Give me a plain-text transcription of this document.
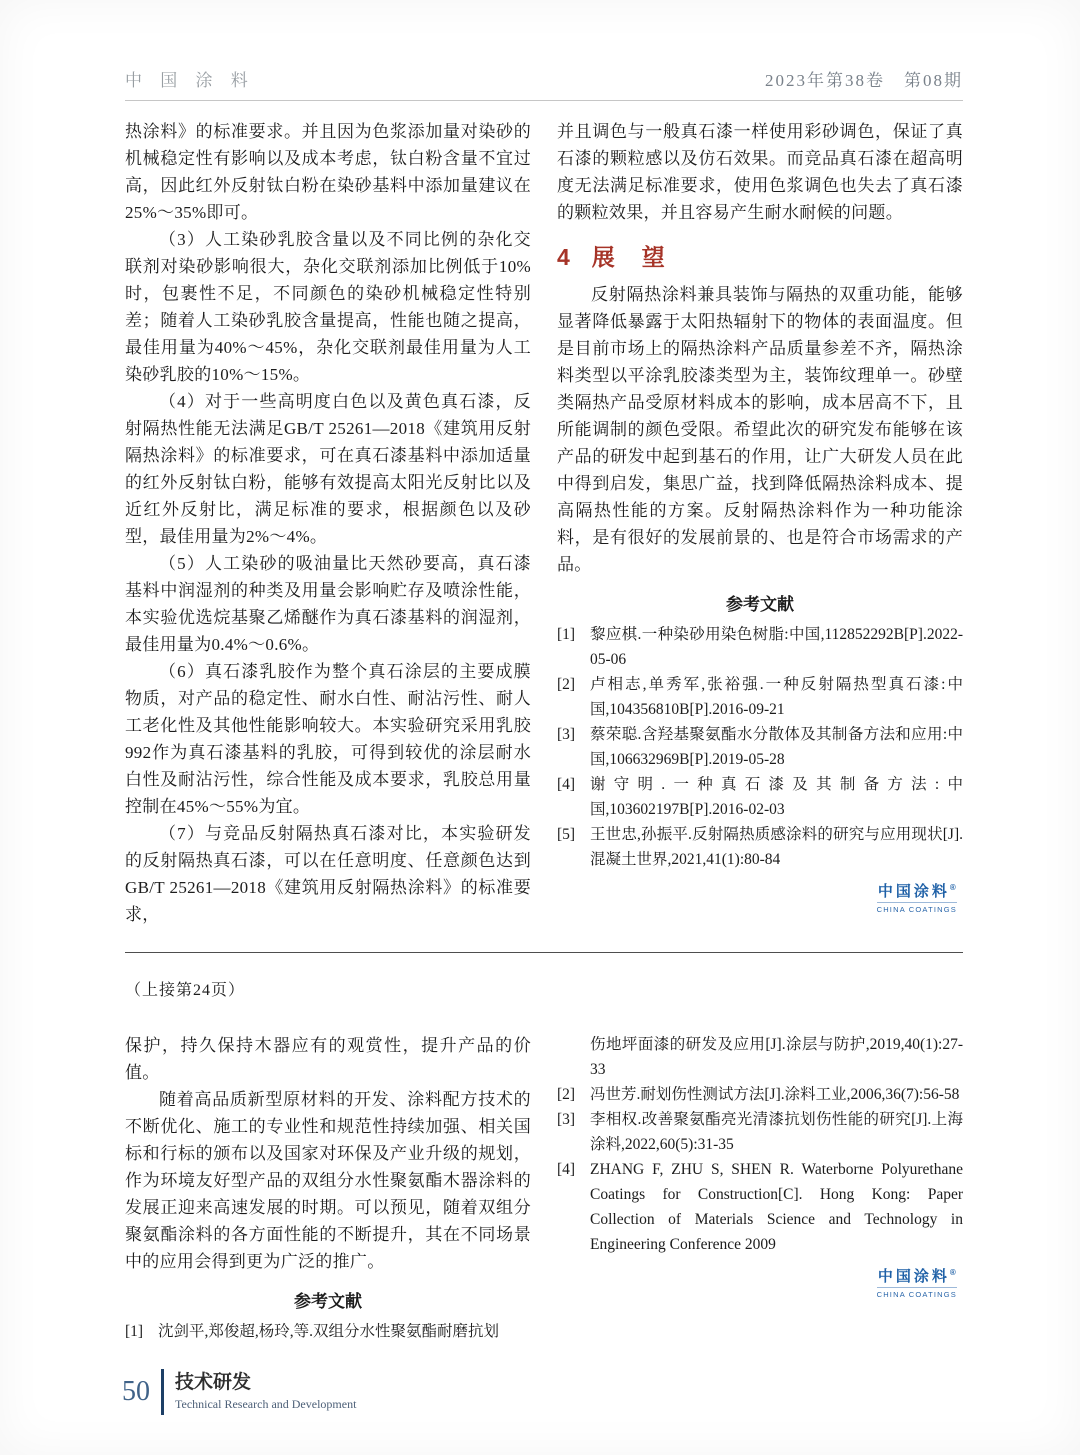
中 国 涂 料	2023年第38卷　第08期

热涂料》的标准要求。并且因为色浆添加量对染砂的机械稳定性有影响以及成本考虑，钛白粉含量不宜过高，因此红外反射钛白粉在染砂基料中添加量建议在25%～35%即可。

（3）人工染砂乳胶含量以及不同比例的杂化交联剂对染砂影响很大，杂化交联剂添加比例低于10%时，包裹性不足，不同颜色的染砂机械稳定性特别差；随着人工染砂乳胶含量提高，性能也随之提高，最佳用量为40%～45%，杂化交联剂最佳用量为人工染砂乳胶的10%～15%。

（4）对于一些高明度白色以及黄色真石漆，反射隔热性能无法满足GB/T 25261—2018《建筑用反射隔热涂料》的标准要求，可在真石漆基料中添加适量的红外反射钛白粉，能够有效提高太阳光反射比以及近红外反射比，满足标准的要求，根据颜色以及砂型，最佳用量为2%～4%。

（5）人工染砂的吸油量比天然砂要高，真石漆基料中润湿剂的种类及用量会影响贮存及喷涂性能，本实验优选烷基聚乙烯醚作为真石漆基料的润湿剂，最佳用量为0.4%～0.6%。

（6）真石漆乳胶作为整个真石涂层的主要成膜物质，对产品的稳定性、耐水白性、耐沾污性、耐人工老化性及其他性能影响较大。本实验研究采用乳胶992作为真石漆基料的乳胶，可得到较优的涂层耐水白性及耐沾污性，综合性能及成本要求，乳胶总用量控制在45%～55%为宜。

（7）与竞品反射隔热真石漆对比，本实验研发的反射隔热真石漆，可以在任意明度、任意颜色达到GB/T 25261—2018《建筑用反射隔热涂料》的标准要求，

并且调色与一般真石漆一样使用彩砂调色，保证了真石漆的颗粒感以及仿石效果。而竞品真石漆在超高明度无法满足标准要求，使用色浆调色也失去了真石漆的颗粒效果，并且容易产生耐水耐候的问题。

4 展　望

反射隔热涂料兼具装饰与隔热的双重功能，能够显著降低暴露于太阳热辐射下的物体的表面温度。但是目前市场上的隔热涂料产品质量参差不齐，隔热涂料类型以平涂乳胶漆类型为主，装饰纹理单一。砂壁类隔热产品受原材料成本的影响，成本居高不下，且所能调制的颜色受限。希望此次的研究发布能够在该产品的研发中起到基石的作用，让广大研发人员在此中得到启发，集思广益，找到降低隔热涂料成本、提高隔热性能的方案。反射隔热涂料作为一种功能涂料，是有很好的发展前景的、也是符合市场需求的产品。

参考文献
[1] 黎应棋.一种染砂用染色树脂:中国,112852292B[P].2022-05-06
[2] 卢相志,单秀军,张裕强.一种反射隔热型真石漆:中国,104356810B[P].2016-09-21
[3] 蔡荣聪.含羟基聚氨酯水分散体及其制备方法和应用:中国,106632969B[P].2019-05-28
[4] 谢守明.一种真石漆及其制备方法:中国,103602197B[P].2016-02-03
[5] 王世忠,孙振平.反射隔热质感涂料的研究与应用现状[J].混凝土世界,2021,41(1):80-84
中国涂料®
CHINA COATINGS
（上接第24页）

保护，持久保持木器应有的观赏性，提升产品的价值。

随着高品质新型原材料的开发、涂料配方技术的不断优化、施工的专业性和规范性持续加强、相关国标和行标的颁布以及国家对环保及产业升级的规划，作为环境友好型产品的双组分水性聚氨酯木器涂料的发展正迎来高速发展的时期。可以预见，随着双组分聚氨酯涂料的各方面性能的不断提升，其在不同场景中的应用会得到更为广泛的推广。

参考文献
[1] 沈剑平,郑俊超,杨玲,等.双组分水性聚氨酯耐磨抗划
伤地坪面漆的研发及应用[J].涂层与防护,2019,40(1):27-33
[2] 冯世芳.耐划伤性测试方法[J].涂料工业,2006,36(7):56-58
[3] 李相权.改善聚氨酯亮光清漆抗划伤性能的研究[J].上海涂料,2022,60(5):31-35
[4] ZHANG F, ZHU S, SHEN R. Waterborne Polyurethane Coatings for Construction[C]. Hong Kong: Paper Collection of Materials Science and Technology in Engineering Conference 2009
中国涂料®
CHINA COATINGS
50 技术研发
Technical Research and Development
